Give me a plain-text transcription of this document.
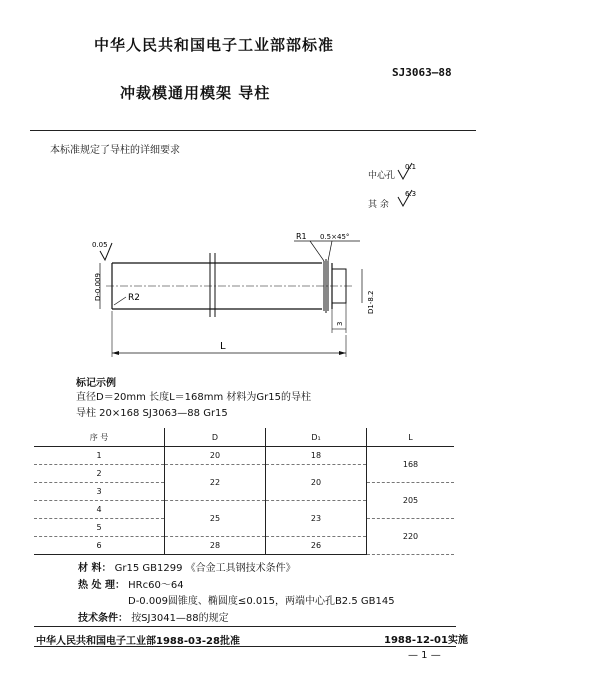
中华人民共和国电子工业部部标准
SJ3063—88
冲裁模通用模架 导柱
本标准规定了导柱的详细要求
中心孔
0.1
其 余
6.3
0.05
R2
D-0.009
R1 0.5×45°
D1-8.2
3
L
标记示例
直径D＝20mm 长度L＝168mm 材料为Gr15的导柱
导柱 20×168 SJ3063—88 Gr15
序 号	D	D₁	L
1	20	18	168
2	22	20	
3			205
4	25	23	
5			220
6	28	26	
材 料： Gr15 GB1299 《合金工具钢技术条件》
热 处 理： HRc60～64
D-0.009圆锥度、椭圆度≤0.015，两端中心孔B2.5 GB145
技术条件： 按SJ3041—88的规定
中华人民共和国电子工业部1988-03-28批准	1988-12-01实施
— 1 —
